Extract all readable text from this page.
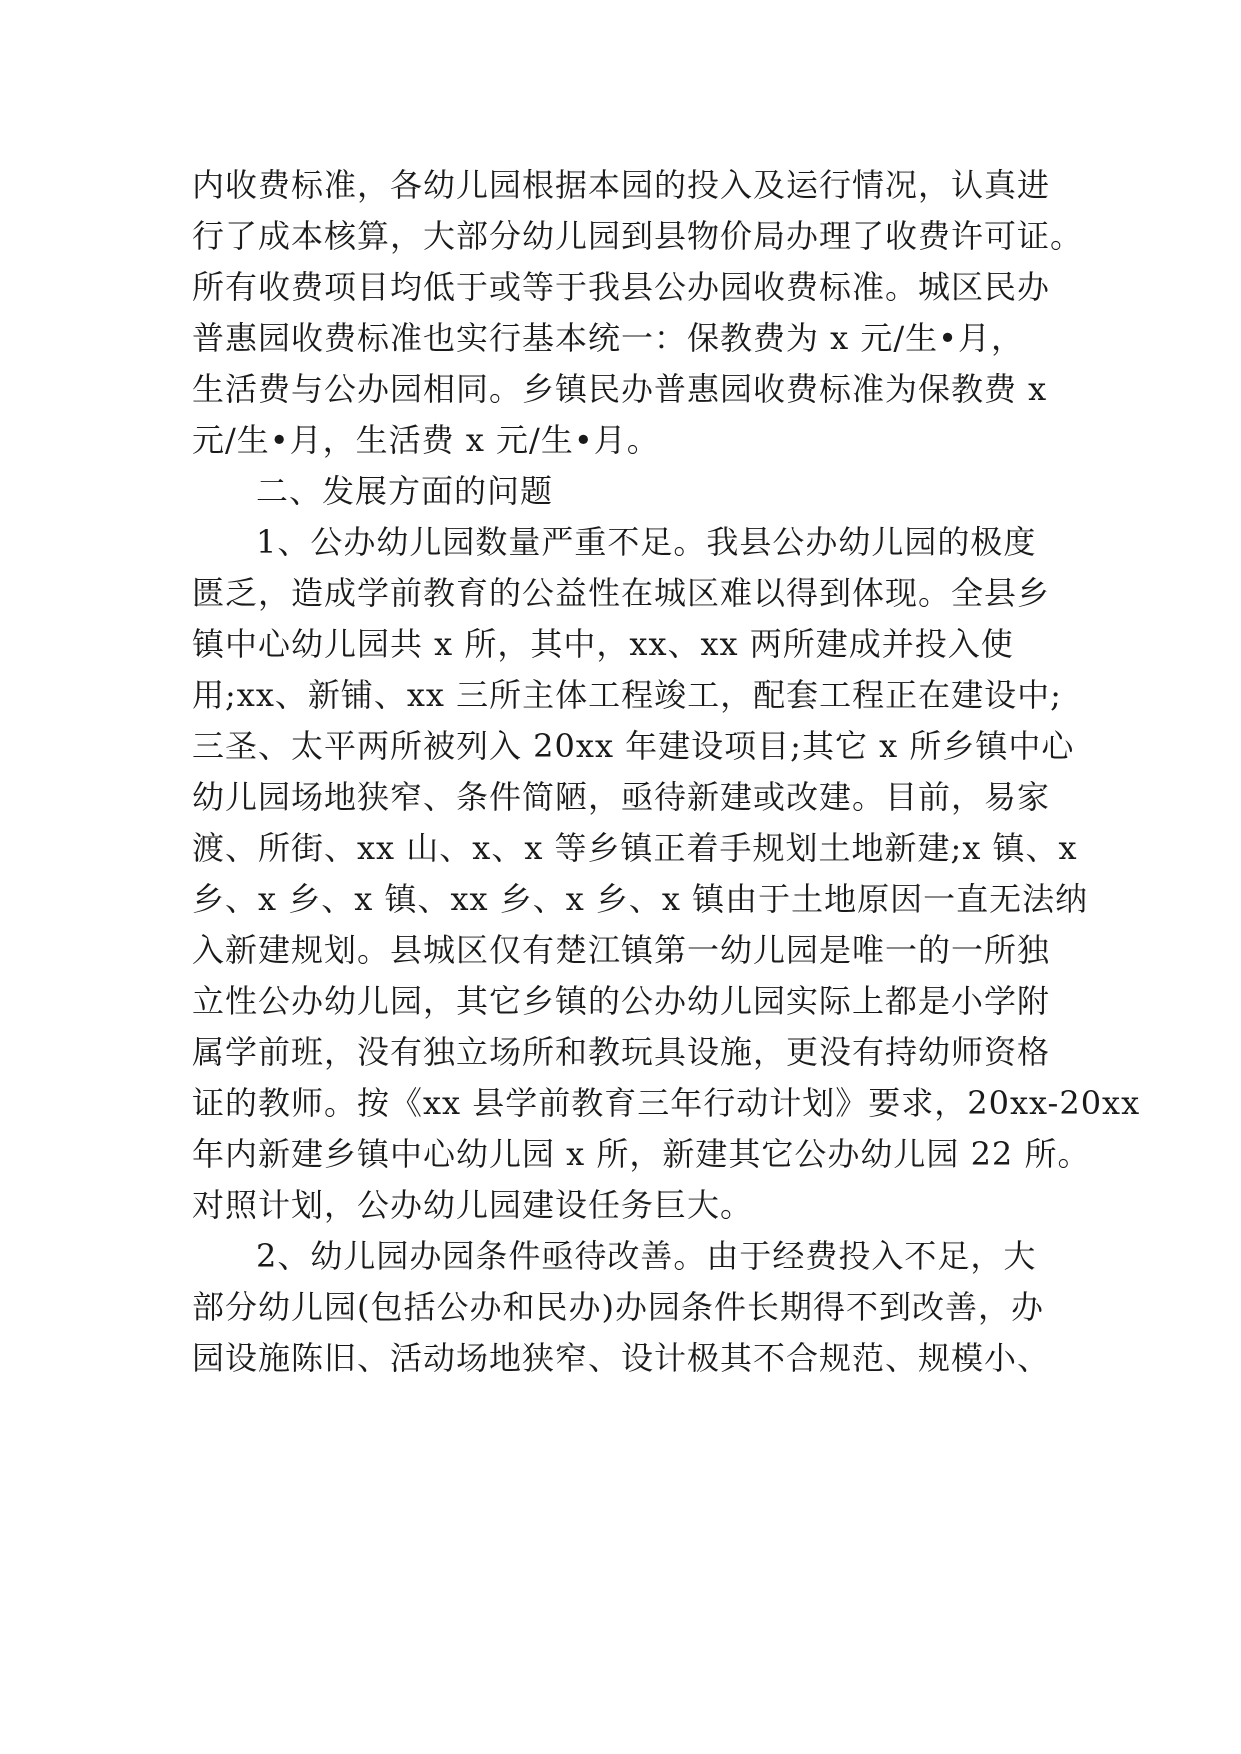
内收费标准，各幼儿园根据本园的投入及运行情况，认真进
行了成本核算，大部分幼儿园到县物价局办理了收费许可证。
所有收费项目均低于或等于我县公办园收费标准。城区民办
普惠园收费标准也实行基本统一：保教费为 x 元/生•月，
生活费与公办园相同。乡镇民办普惠园收费标准为保教费 x
元/生•月，生活费 x 元/生•月。
二、发展方面的问题
1、公办幼儿园数量严重不足。我县公办幼儿园的极度
匮乏，造成学前教育的公益性在城区难以得到体现。全县乡
镇中心幼儿园共 x 所，其中，xx、xx 两所建成并投入使
用;xx、新铺、xx 三所主体工程竣工，配套工程正在建设中;
三圣、太平两所被列入 20xx 年建设项目;其它 x 所乡镇中心
幼儿园场地狭窄、条件简陋，亟待新建或改建。目前，易家
渡、所街、xx 山、x、x 等乡镇正着手规划土地新建;x 镇、x
乡、x 乡、x 镇、xx 乡、x 乡、x 镇由于土地原因一直无法纳
入新建规划。县城区仅有楚江镇第一幼儿园是唯一的一所独
立性公办幼儿园，其它乡镇的公办幼儿园实际上都是小学附
属学前班，没有独立场所和教玩具设施，更没有持幼师资格
证的教师。按《xx 县学前教育三年行动计划》要求，20xx-20xx
年内新建乡镇中心幼儿园 x 所，新建其它公办幼儿园 22 所。
对照计划，公办幼儿园建设任务巨大。
2、幼儿园办园条件亟待改善。由于经费投入不足，大
部分幼儿园(包括公办和民办)办园条件长期得不到改善，办
园设施陈旧、活动场地狭窄、设计极其不合规范、规模小、
